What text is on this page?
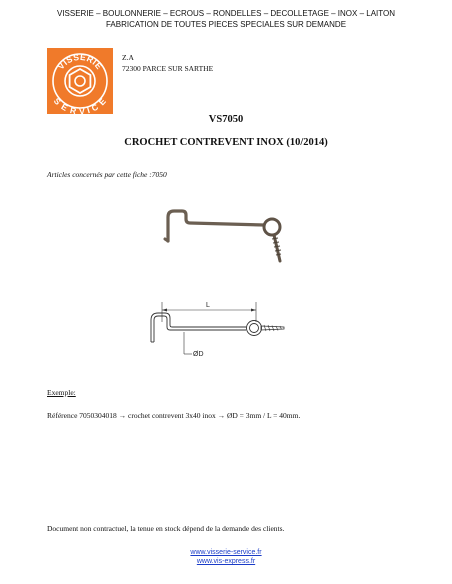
VISSERIE – BOULONNERIE – ECROUS – RONDELLES – DECOLLETAGE – INOX – LAITON
FABRICATION DE TOUTES PIECES SPECIALES SUR DEMANDE
VISSERIE
SERVICE
Z.A
72300 PARCE SUR SARTHE
VS7050
CROCHET CONTREVENT INOX (10/2014)
Articles concernés par cette fiche :7050
L
ØD
Exemple:
Référence 7050304018 → crochet contrevent 3x40 inox → ØD = 3mm / L = 40mm.
Document non contractuel, la tenue en stock dépend de la demande des clients.
www.visserie-service.fr
www.vis-express.fr
